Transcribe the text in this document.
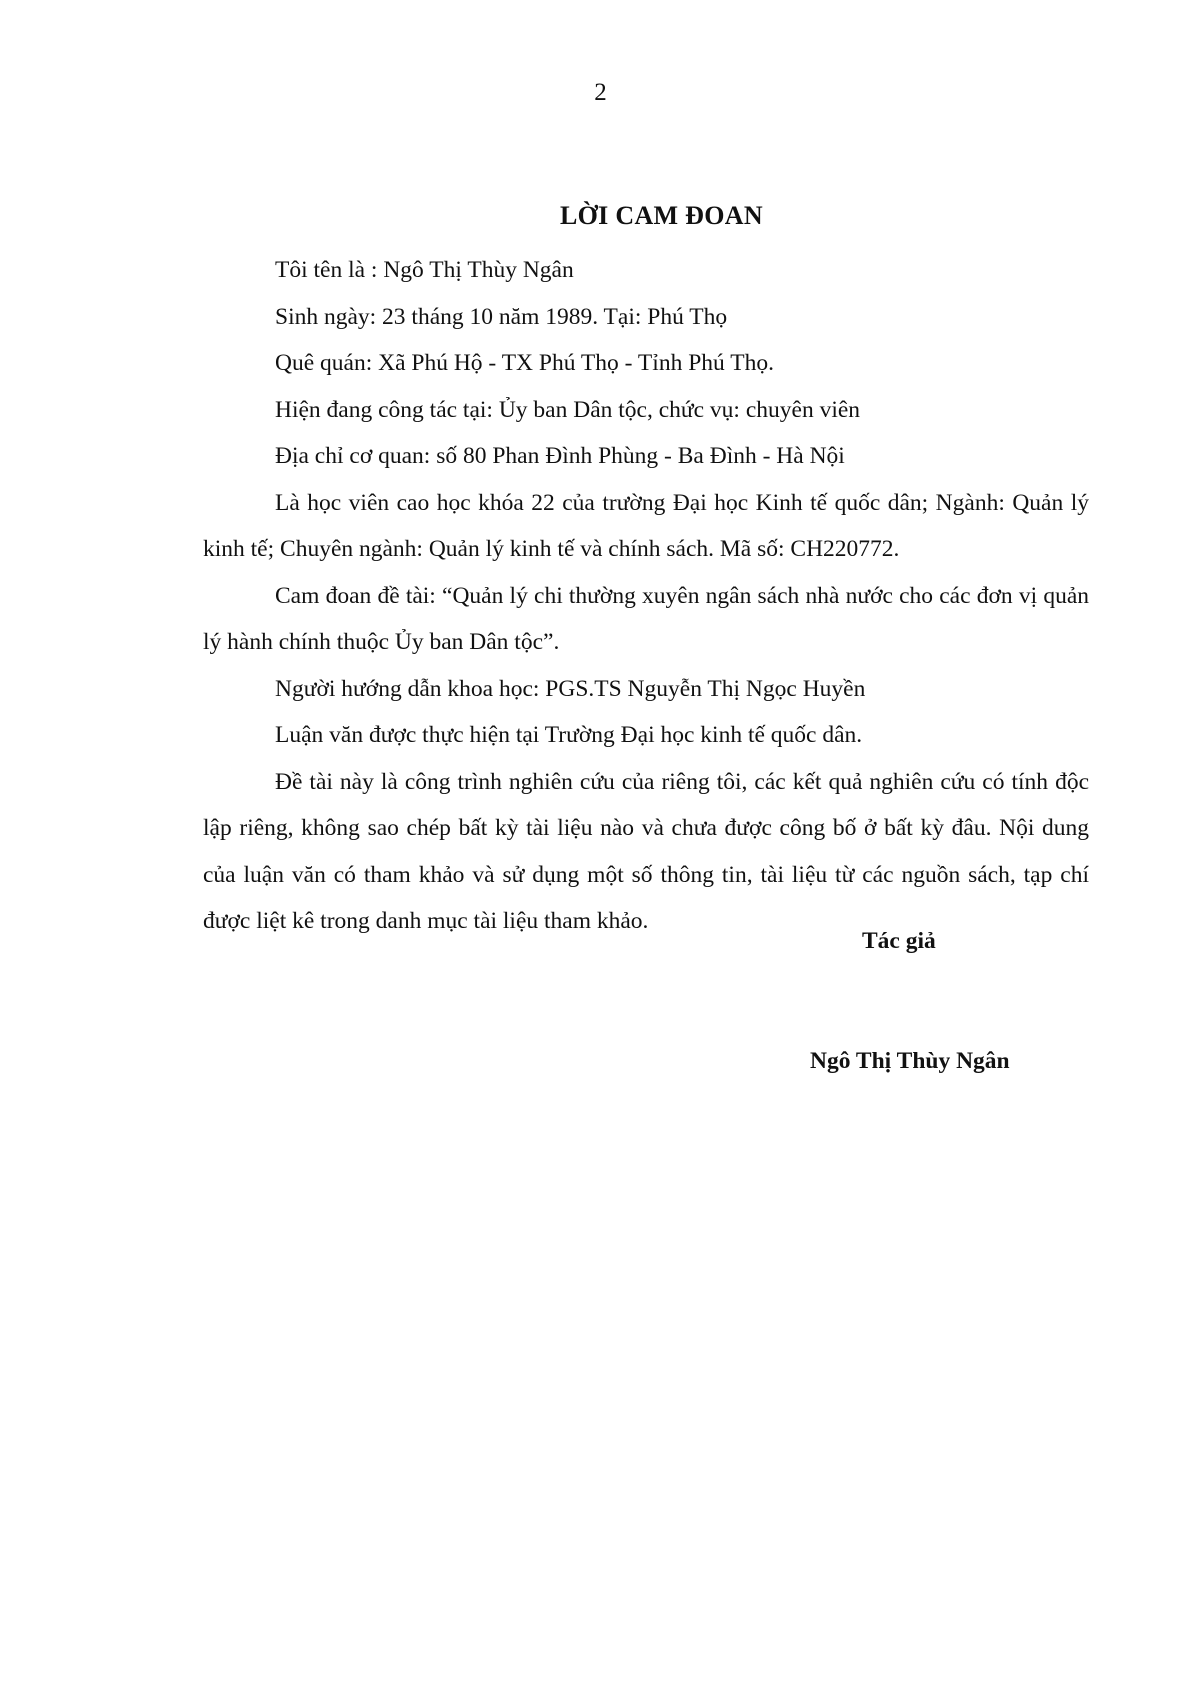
2
LỜI CAM ĐOAN

Tôi tên là : Ngô Thị Thùy Ngân

Sinh ngày: 23 tháng 10 năm 1989. Tại: Phú Thọ

Quê quán: Xã Phú Hộ - TX Phú Thọ - Tỉnh Phú Thọ.

Hiện đang công tác tại: Ủy ban Dân tộc, chức vụ: chuyên viên

Địa chỉ cơ quan: số 80 Phan Đình Phùng - Ba Đình - Hà Nội

Là học viên cao học khóa 22 của trường Đại học Kinh tế quốc dân; Ngành: Quản lý kinh tế; Chuyên ngành: Quản lý kinh tế và chính sách. Mã số: CH220772.

Cam đoan đề tài: “Quản lý chi thường xuyên ngân sách nhà nước cho các đơn vị quản lý hành chính thuộc Ủy ban Dân tộc”.

Người hướng dẫn khoa học: PGS.TS Nguyễn Thị Ngọc Huyền

Luận văn được thực hiện tại Trường Đại học kinh tế quốc dân.

Đề tài này là công trình nghiên cứu của riêng tôi, các kết quả nghiên cứu có tính độc lập riêng, không sao chép bất kỳ tài liệu nào và chưa được công bố ở bất kỳ đâu. Nội dung của luận văn có tham khảo và sử dụng một số thông tin, tài liệu từ các nguồn sách, tạp chí được liệt kê trong danh mục tài liệu tham khảo.

Tác giả
Ngô Thị Thùy Ngân
